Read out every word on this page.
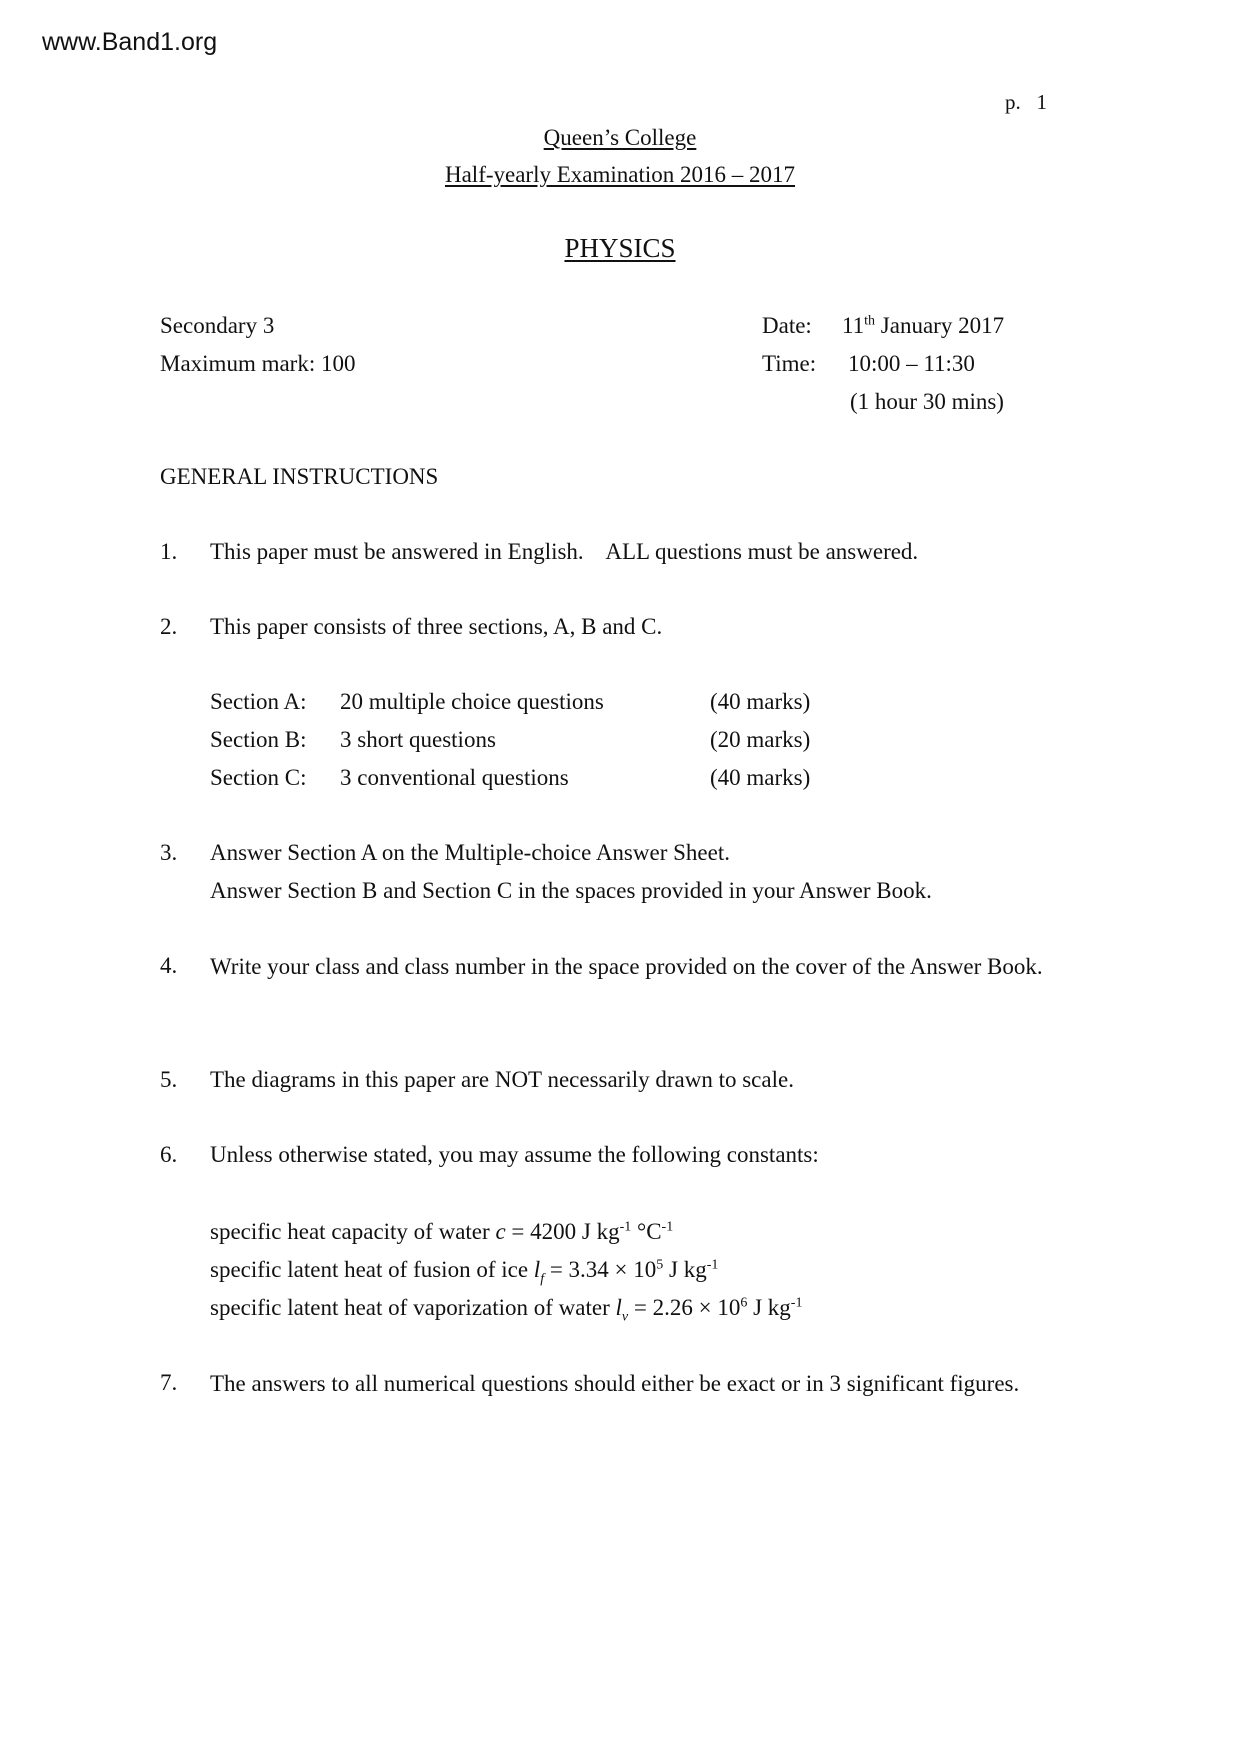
www.Band1.org
p. 1
Queen’s College
Half-yearly Examination 2016 – 2017
PHYSICS
Secondary 3
Maximum mark: 100
Date: 11th January 2017
Time: 10:00 – 11:30
(1 hour 30 mins)
GENERAL INSTRUCTIONS
1.	This paper must be answered in English.    ALL questions must be answered.
2.	This paper consists of three sections, A, B and C.
Section A: 20 multiple choice questions	(40 marks)
Section B: 3 short questions	(20 marks)
Section C: 3 conventional questions	(40 marks)
3.	Answer Section A on the Multiple-choice Answer Sheet.
Answer Section B and Section C in the spaces provided in your Answer Book.
4.	Write your class and class number in the space provided on the cover of the Answer Book.
5.	The diagrams in this paper are NOT necessarily drawn to scale.
6.	Unless otherwise stated, you may assume the following constants:
specific heat capacity of water c = 4200 J $kg^{-1}$ $^\circ C^{-1}$
specific latent heat of fusion of ice $l_f = 3.34 \times 10^5$ J $kg^{-1}$
specific latent heat of vaporization of water $l_v = 2.26 \times 10^6$ J $kg^{-1}$
7.	The answers to all numerical questions should either be exact or in 3 significant figures.
